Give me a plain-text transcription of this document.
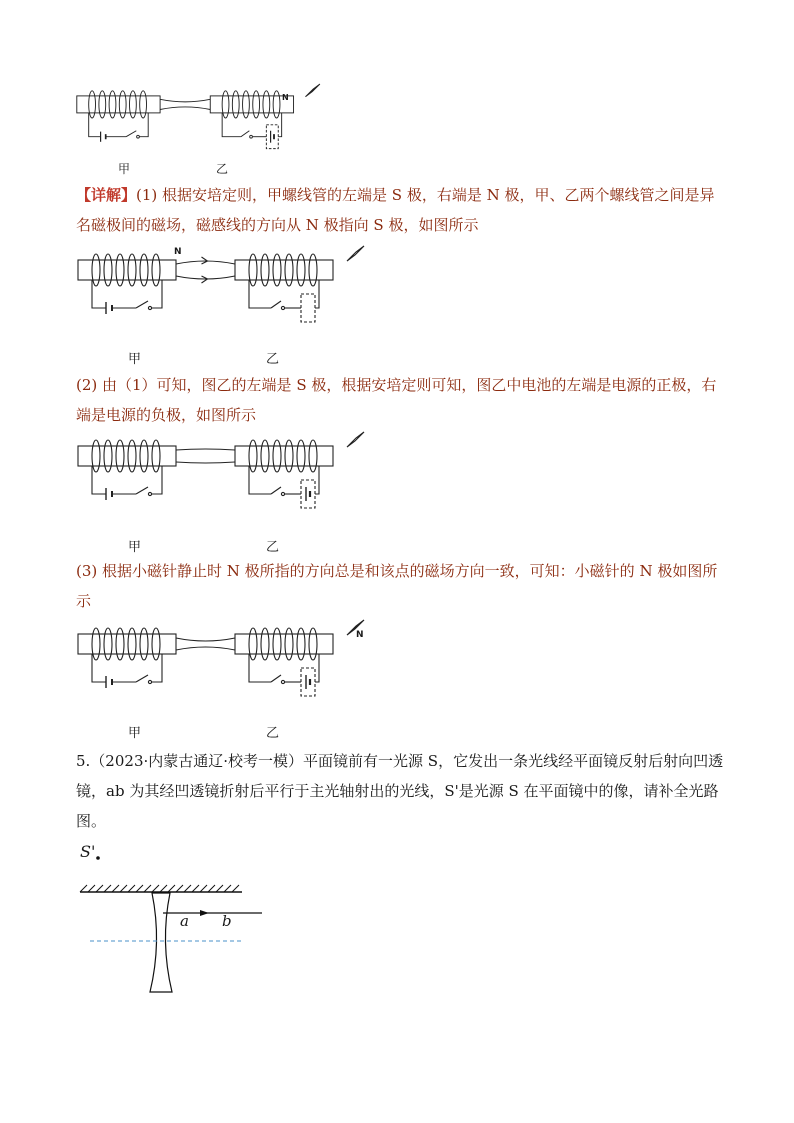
甲	乙
N
【详解】(1) 根据安培定则，甲螺线管的左端是 S 极，右端是 N 极，甲、乙两个螺线管之间是异名磁极间的磁场，磁感线的方向从 N 极指向 S 极，如图所示
甲	乙
N
(2) 由（1）可知，图乙的左端是 S 极，根据安培定则可知，图乙中电池的左端是电源的正极，右端是电源的负极，如图所示
甲	乙
(3) 根据小磁针静止时 N 极所指的方向总是和该点的磁场方向一致，可知：小磁针的 N 极如图所示
甲	乙
N
5.（2023·内蒙古通辽·校考一模）平面镜前有一光源 S，它发出一条光线经平面镜反射后射向凹透镜，ab 为其经凹透镜折射后平行于主光轴射出的光线，S'是光源 S 在平面镜中的像，请补全光路图。
S'
a b
